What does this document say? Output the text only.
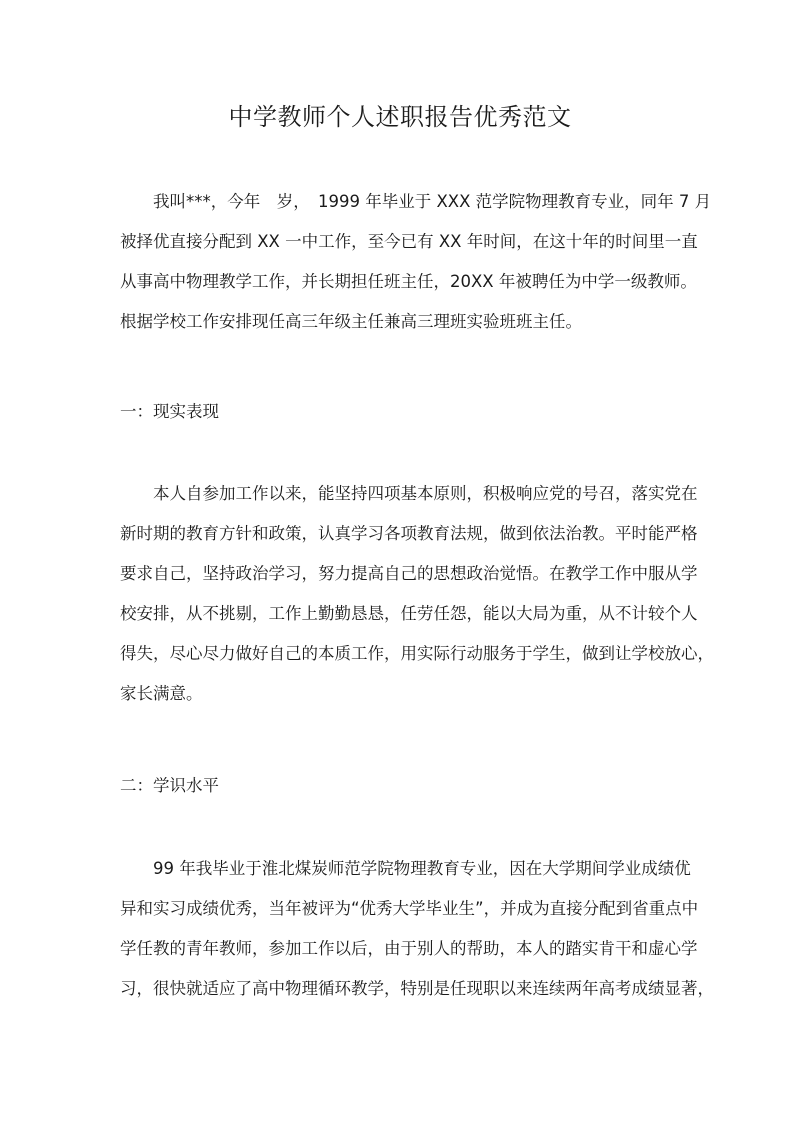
中学教师个人述职报告优秀范文
我叫***，今年　岁，　1999 年毕业于 XXX 范学院物理教育专业，同年 7 月
被择优直接分配到 XX 一中工作，至今已有 XX 年时间，在这十年的时间里一直
从事高中物理教学工作，并长期担任班主任，20XX 年被聘任为中学一级教师。
根据学校工作安排现任高三年级主任兼高三理班实验班班主任。
一：现实表现
本人自参加工作以来，能坚持四项基本原则，积极响应党的号召，落实党在
新时期的教育方针和政策，认真学习各项教育法规，做到依法治教。平时能严格
要求自己，坚持政治学习，努力提高自己的思想政治觉悟。在教学工作中服从学
校安排，从不挑剔，工作上勤勤恳恳，任劳任怨，能以大局为重，从不计较个人
得失，尽心尽力做好自己的本质工作，用实际行动服务于学生，做到让学校放心，
家长满意。
二：学识水平
99 年我毕业于淮北煤炭师范学院物理教育专业，因在大学期间学业成绩优
异和实习成绩优秀，当年被评为“优秀大学毕业生”，并成为直接分配到省重点中
学任教的青年教师，参加工作以后，由于别人的帮助，本人的踏实肯干和虚心学
习，很快就适应了高中物理循环教学，特别是任现职以来连续两年高考成绩显著，
